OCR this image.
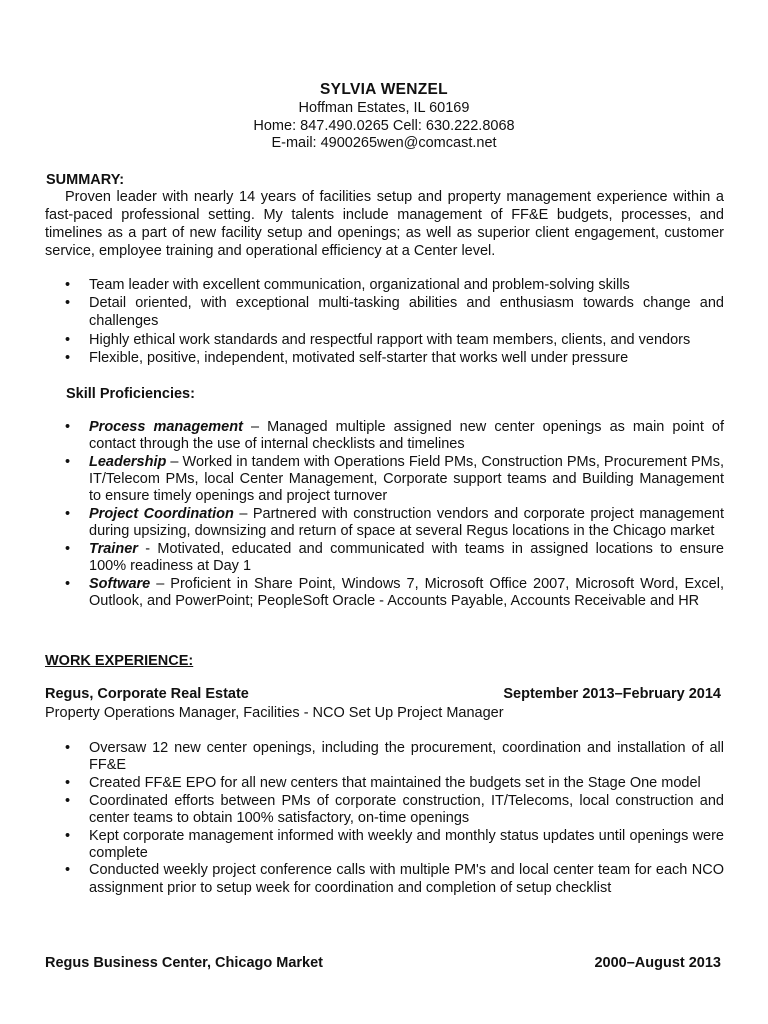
SYLVIA WENZEL
Hoffman Estates, IL 60169
Home: 847.490.0265 Cell: 630.222.8068
E-mail: 4900265wen@comcast.net
SUMMARY:
Proven leader with nearly 14 years of facilities setup and property management experience within a fast-paced professional setting. My talents include management of FF&E budgets, processes, and timelines as a part of new facility setup and openings; as well as superior client engagement, customer service, employee training and operational efficiency at a Center level.
• Team leader with excellent communication, organizational and problem-solving skills
• Detail oriented, with exceptional multi-tasking abilities and enthusiasm towards change and challenges
• Highly ethical work standards and respectful rapport with team members, clients, and vendors
• Flexible, positive, independent, motivated self-starter that works well under pressure
Skill Proficiencies:
• Process management – Managed multiple assigned new center openings as main point of contact through the use of internal checklists and timelines
• Leadership – Worked in tandem with Operations Field PMs, Construction PMs, Procurement PMs, IT/Telecom PMs, local Center Management, Corporate support teams and Building Management to ensure timely openings and project turnover
• Project Coordination – Partnered with construction vendors and corporate project management during upsizing, downsizing and return of space at several Regus locations in the Chicago market
• Trainer - Motivated, educated and communicated with teams in assigned locations to ensure 100% readiness at Day 1
• Software – Proficient in Share Point, Windows 7, Microsoft Office 2007, Microsoft Word, Excel, Outlook, and PowerPoint; PeopleSoft Oracle - Accounts Payable, Accounts Receivable and HR
WORK EXPERIENCE:
Regus, Corporate Real Estate	September 2013–February 2014
Property Operations Manager, Facilities - NCO Set Up Project Manager
• Oversaw 12 new center openings, including the procurement, coordination and installation of all FF&E
• Created FF&E EPO for all new centers that maintained the budgets set in the Stage One model
• Coordinated efforts between PMs of corporate construction, IT/Telecoms, local construction and center teams to obtain 100% satisfactory, on-time openings
• Kept corporate management informed with weekly and monthly status updates until openings were complete
• Conducted weekly project conference calls with multiple PM's and local center team for each NCO assignment prior to setup week for coordination and completion of setup checklist
Regus Business Center, Chicago Market	2000–August 2013
